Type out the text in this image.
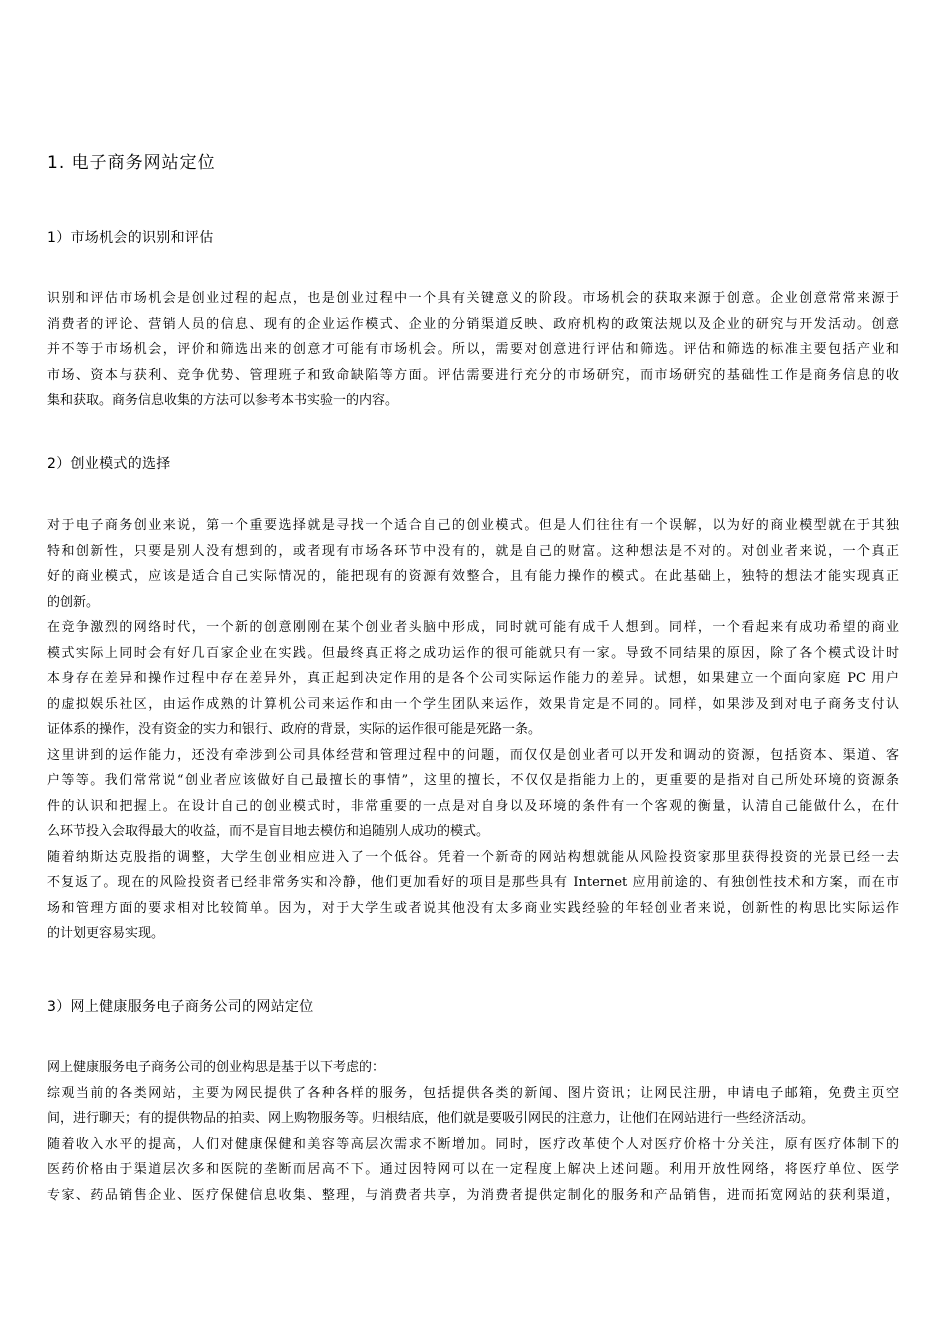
1. 电子商务网站定位
1）市场机会的识别和评估

识别和评估市场机会是创业过程的起点，也是创业过程中一个具有关键意义的阶段。市场机会的获取来源于创意。企业创意常常来源于
消费者的评论、营销人员的信息、现有的企业运作模式、企业的分销渠道反映、政府机构的政策法规以及企业的研究与开发活动。创意
并不等于市场机会，评价和筛选出来的创意才可能有市场机会。所以，需要对创意进行评估和筛选。评估和筛选的标准主要包括产业和
市场、资本与获利、竞争优势、管理班子和致命缺陷等方面。评估需要进行充分的市场研究，而市场研究的基础性工作是商务信息的收
集和获取。商务信息收集的方法可以参考本书实验一的内容。

2）创业模式的选择

对于电子商务创业来说，第一个重要选择就是寻找一个适合自己的创业模式。但是人们往往有一个误解，以为好的商业模型就在于其独
特和创新性，只要是别人没有想到的，或者现有市场各环节中没有的，就是自己的财富。这种想法是不对的。对创业者来说，一个真正
好的商业模式，应该是适合自己实际情况的，能把现有的资源有效整合，且有能力操作的模式。在此基础上，独特的想法才能实现真正
的创新。

在竞争激烈的网络时代，一个新的创意刚刚在某个创业者头脑中形成，同时就可能有成千人想到。同样，一个看起来有成功希望的商业
模式实际上同时会有好几百家企业在实践。但最终真正将之成功运作的很可能就只有一家。导致不同结果的原因，除了各个模式设计时
本身存在差异和操作过程中存在差异外，真正起到决定作用的是各个公司实际运作能力的差异。试想，如果建立一个面向家庭 PC 用户
的虚拟娱乐社区，由运作成熟的计算机公司来运作和由一个学生团队来运作，效果肯定是不同的。同样，如果涉及到对电子商务支付认
证体系的操作，没有资金的实力和银行、政府的背景，实际的运作很可能是死路一条。

这里讲到的运作能力，还没有牵涉到公司具体经营和管理过程中的问题，而仅仅是创业者可以开发和调动的资源，包括资本、渠道、客
户等等。我们常常说“创业者应该做好自己最擅长的事情”，这里的擅长，不仅仅是指能力上的，更重要的是指对自己所处环境的资源条
件的认识和把握上。在设计自己的创业模式时，非常重要的一点是对自身以及环境的条件有一个客观的衡量，认清自己能做什么，在什
么环节投入会取得最大的收益，而不是盲目地去模仿和追随别人成功的模式。

随着纳斯达克股指的调整，大学生创业相应进入了一个低谷。凭着一个新奇的网站构想就能从风险投资家那里获得投资的光景已经一去
不复返了。现在的风险投资者已经非常务实和冷静，他们更加看好的项目是那些具有 Internet 应用前途的、有独创性技术和方案，而在市
场和管理方面的要求相对比较简单。因为，对于大学生或者说其他没有太多商业实践经验的年轻创业者来说，创新性的构思比实际运作
的计划更容易实现。

3）网上健康服务电子商务公司的网站定位

网上健康服务电子商务公司的创业构思是基于以下考虑的：

综观当前的各类网站，主要为网民提供了各种各样的服务，包括提供各类的新闻、图片资讯；让网民注册，申请电子邮箱，免费主页空
间，进行聊天；有的提供物品的拍卖、网上购物服务等。归根结底，他们就是要吸引网民的注意力，让他们在网站进行一些经济活动。

随着收入水平的提高，人们对健康保健和美容等高层次需求不断增加。同时，医疗改革使个人对医疗价格十分关注，原有医疗体制下的
医药价格由于渠道层次多和医院的垄断而居高不下。通过因特网可以在一定程度上解决上述问题。利用开放性网络，将医疗单位、医学
专家、药品销售企业、医疗保健信息收集、整理，与消费者共享，为消费者提供定制化的服务和产品销售，进而拓宽网站的获利渠道，
